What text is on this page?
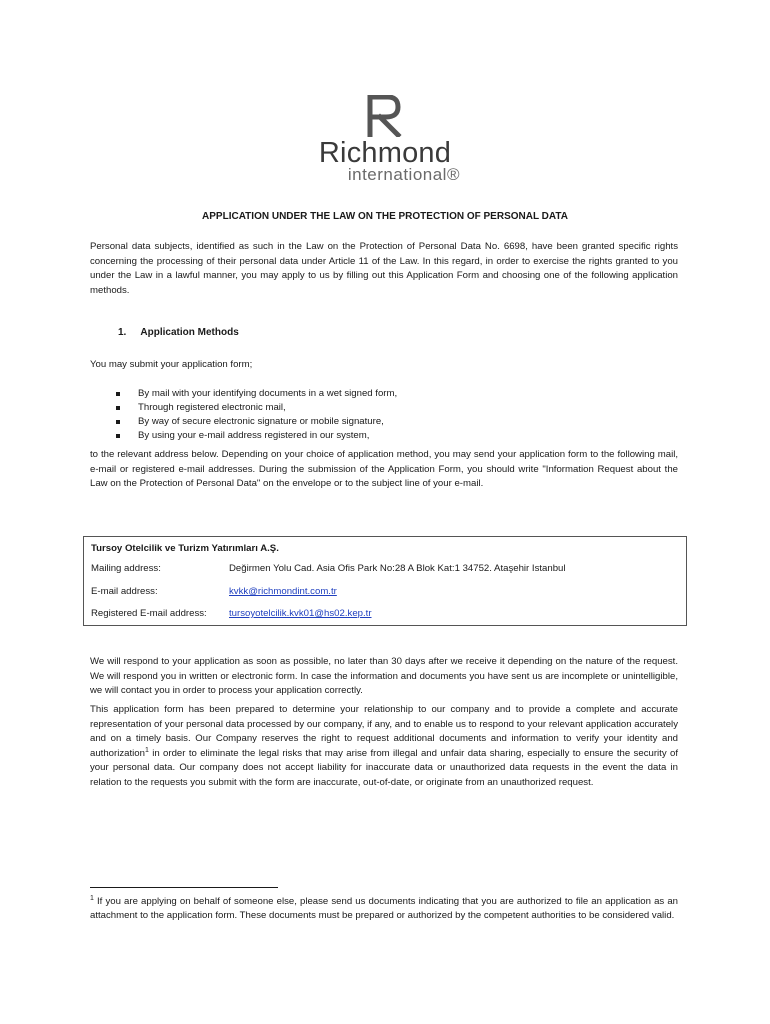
Richmond
international®
APPLICATION UNDER THE LAW ON THE PROTECTION OF PERSONAL DATA
Personal data subjects, identified as such in the Law on the Protection of Personal Data No. 6698, have been granted specific rights concerning the processing of their personal data under Article 11 of the Law. In this regard, in order to exercise the rights granted to you under the Law in a lawful manner, you may apply to us by filling out this Application Form and choosing one of the following application methods.
1. Application Methods
You may submit your application form;
By mail with your identifying documents in a wet signed form,
Through registered electronic mail,
By way of secure electronic signature or mobile signature,
By using your e-mail address registered in our system,
to the relevant address below. Depending on your choice of application method, you may send your application form to the following mail, e-mail or registered e-mail addresses. During the submission of the Application Form, you should write "Information Request about the Law on the Protection of Personal Data" on the envelope or to the subject line of your e-mail.
Tursoy Otelcilik ve Turizm Yatırımları A.Ş.
Mailing address:	Değirmen Yolu Cad. Asia Ofis Park No:28 A Blok Kat:1 34752. Ataşehir Istanbul
E-mail address:	kvkk@richmondint.com.tr
Registered E-mail address: tursoyotelcilik.kvk01@hs02.kep.tr
We will respond to your application as soon as possible, no later than 30 days after we receive it depending on the nature of the request. We will respond you in written or electronic form. In case the information and documents you have sent us are incomplete or unintelligible, we will contact you in order to process your application correctly.
This application form has been prepared to determine your relationship to our company and to provide a complete and accurate representation of your personal data processed by our company, if any, and to enable us to respond to your relevant application accurately and on a timely basis. Our Company reserves the right to request additional documents and information to verify your identity and authorization$^1$ in order to eliminate the legal risks that may arise from illegal and unfair data sharing, especially to ensure the security of your personal data. Our company does not accept liability for inaccurate data or unauthorized data requests in the event the data in relation to the requests you submit with the form are inaccurate, out-of-date, or originate from an unauthorized request.
$^1$ If you are applying on behalf of someone else, please send us documents indicating that you are authorized to file an application as an attachment to the application form. These documents must be prepared or authorized by the competent authorities to be considered valid.
